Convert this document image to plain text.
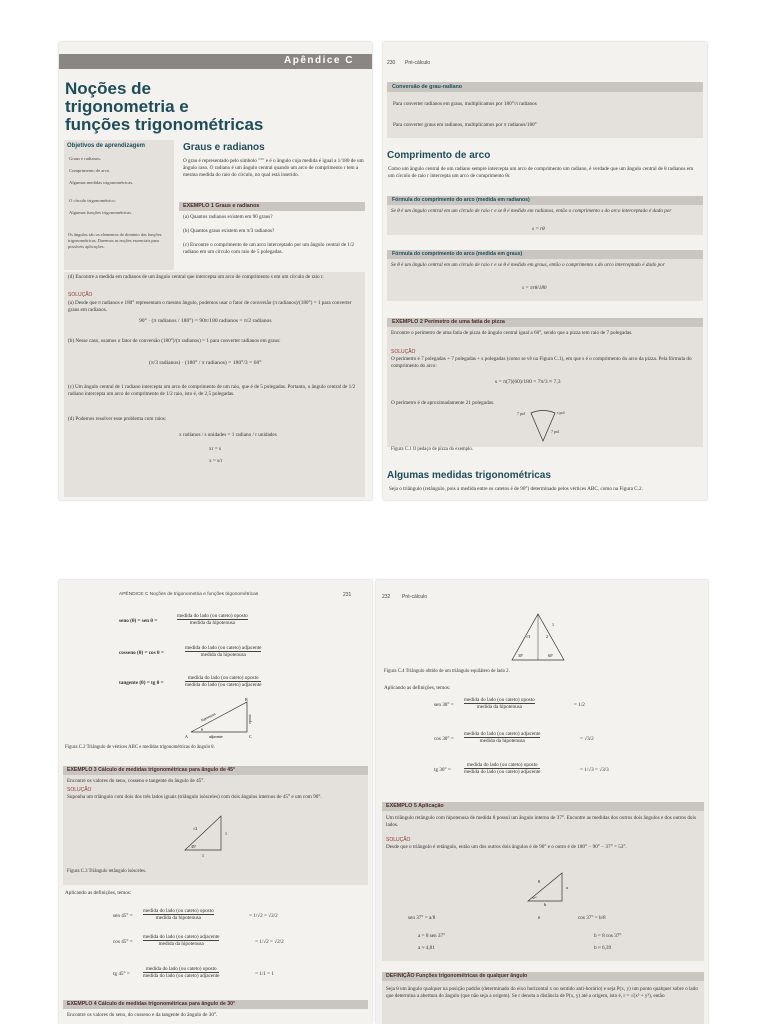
Apêndice C
Noções de
trigonometria e
funções trigonométricas
Objetivos de aprendizagem
Graus e radianos.
Comprimento de arco.
Algumas medidas trigonométricas.
O círculo trigonométrico.
Algumas funções trigonométricas.
Os ângulos são os elementos do domínio das funções trigonométricas. Daremos as noções essenciais para possíveis aplicações.
Graus e radianos
O grau é representado pelo símbolo "°" e é o ângulo cuja medida é igual a 1/180 de um ângulo raso. O radiano é um ângulo central quando um arco de comprimento r tem a mesma medida do raio do círculo, no qual está inserido.
EXEMPLO 1 Graus e radianos
(a) Quantos radianos existem em 90 graus?
(b) Quantos graus existem em π/3 radianos?
(c) Encontre o comprimento de um arco interceptado por um ângulo central de 1/2 radiano em um círculo com raio de 5 polegadas.
(d) Encontre a medida em radianos de um ângulo central que intercepta um arco de comprimento s em um círculo de raio r.
SOLUÇÃO
(a) Desde que π radianos e 180° representam o mesmo ângulo, podemos usar o fator de conversão (π radianos)/(180°) = 1 para converter graus em radianos.
90° · (π radianos / 180°) = 90π/180 radianos = π/2 radianos
(b) Nesse caso, usamos o fator de conversão (180°)/(π radianos) = 1 para converter radianos em graus:
(π/3 radianos) · (180° / π radianos) = 180°/3 = 60°
(c) Um ângulo central de 1 radiano intercepta um arco de comprimento de um raio, que é de 5 polegadas. Portanto, o ângulo central de 1/2 radiano intercepta um arco de comprimento de 1/2 raio, isto é, de 2,5 polegadas.
(d) Podemos resolver esse problema com raios:
x radianos / s unidades = 1 radiano / r unidades
xr = s
x = s/r
230 Pré-cálculo
Conversão de grau-radiano
Para converter radianos em graus, multiplicamos por 180°/π radianos
Para converter graus em radianos, multiplicamos por π radianos/180°
Comprimento de arco
Como um ângulo central de um radiano sempre intercepta um arco de comprimento um radiano, é verdade que um ângulo central de θ radianos em um círculo de raio r intercepta um arco de comprimento θr.
Fórmula do comprimento do arco (medida em radianos)
Se θ é um ângulo central em um círculo de raio r e se θ é medido em radianos, então o comprimento s do arco interceptado é dado por
s = rθ
Fórmula do comprimento do arco (medida em graus)
Se θ é um ângulo central em um círculo de raio r e se θ é medido em graus, então o comprimento s do arco interceptado é dado por
s = πrθ/180
EXEMPLO 2 Perímetro de uma fatia de pizza
Encontre o perímetro de uma fatia de pizza de ângulo central igual a 60°, sendo que a pizza tem raio de 7 polegadas.
SOLUÇÃO
O perímetro é 7 polegadas + 7 polegadas + s polegadas (como se vê na Figura C.1), em que s é o comprimento do arco da pizza. Pela fórmula do comprimento do arco:
s = π(7)(60)/180 = 7π/3 ≈ 7,3
O perímetro é de aproximadamente 21 polegadas.
7 pol	s pol
7 pol
Figura C.1 O pedaço de pizza do exemplo.
Algumas medidas trigonométricas
Seja o triângulo (retângulo, pois a medida entre os catetos é de 90°) determinado pelos vértices ABC, como na Figura C.2.
APÊNDICE C Noções de trigonometria e funções trigonométricas	231
seno (θ) = sen θ =
medida do lado (ou cateto) oposto
medida da hipotenusa
cosseno (θ) = cos θ =
medida do lado (ou cateto) adjacente
medida da hipotenusa
tangente (θ) = tg θ =
medida do lado (ou cateto) oposto
medida do lado (ou cateto) adjacente
B
hipotenusa	oposto
θ
A	adjacente	C
Figura C.2 Triângulo de vértices ABC e medidas trigonométricas do ângulo θ.
EXEMPLO 3 Cálculo de medidas trigonométricas para ângulo de 45°
Encontre os valores do seno, cosseno e tangente do ângulo de 45°.
SOLUÇÃO
Suponha um triângulo com dois dos três lados iguais (triângulo isósceles) com dois ângulos internos de 45° e um com 90°.
√2
1
45°
1
Figura C.3 Triângulo retângulo isósceles.
Aplicando as definições, temos:
sen 45° =
medida do lado (ou cateto) oposto
medida da hipotenusa	= 1/√2 = √2/2
cos 45° =
medida do lado (ou cateto) adjacente
medida da hipotenusa	= 1/√2 = √2/2
tg 45° =
medida do lado (ou cateto) oposto
medida do lado (ou cateto) adjacente	= 1/1 = 1
EXEMPLO 4 Cálculo de medidas trigonométricas para ângulo de 30°
Encontre os valores do seno, do cosseno e da tangente do ângulo de 30°.
232 Pré-cálculo
√3
1
2
30°	60°
Figura C.4 Triângulo obtido de um triângulo equilátero de lado 2.
Aplicando as definições, temos:
sen 30° =
medida do lado (ou cateto) oposto
medida da hipotenusa	= 1/2
cos 30° =
medida do lado (ou cateto) adjacente
medida da hipotenusa	= √3/2
tg 30° =
medida do lado (ou cateto) oposto
medida do lado (ou cateto) adjacente	= 1/√3 = √3/3
EXEMPLO 5 Aplicação
Um triângulo retângulo com hipotenusa de medida 8 possui um ângulo interno de 37°. Encontre as medidas dos outros dois ângulos e dos outros dois lados.
SOLUÇÃO
Desde que o triângulo é retângulo, então um dos outros dois ângulos é de 90° e o outro é de 180° − 90° − 37° = 53°.
8
a
37°
b
sen 37° = a/8
a = 8 sen 37°
a ≈ 4,81
e	cos 37° = b/8
b = 8 cos 37°
b ≈ 6,39
DEFINIÇÃO Funções trigonométricas de qualquer ângulo
Seja θ um ângulo qualquer na posição padrão (determinado do eixo horizontal x no sentido anti-horário) e seja P(x, y) um ponto qualquer sobre o lado que determina a abertura do ângulo (que não seja a origem). Se r denota a distância de P(x, y) até a origem, isto é, r = √(x² + y²), então
